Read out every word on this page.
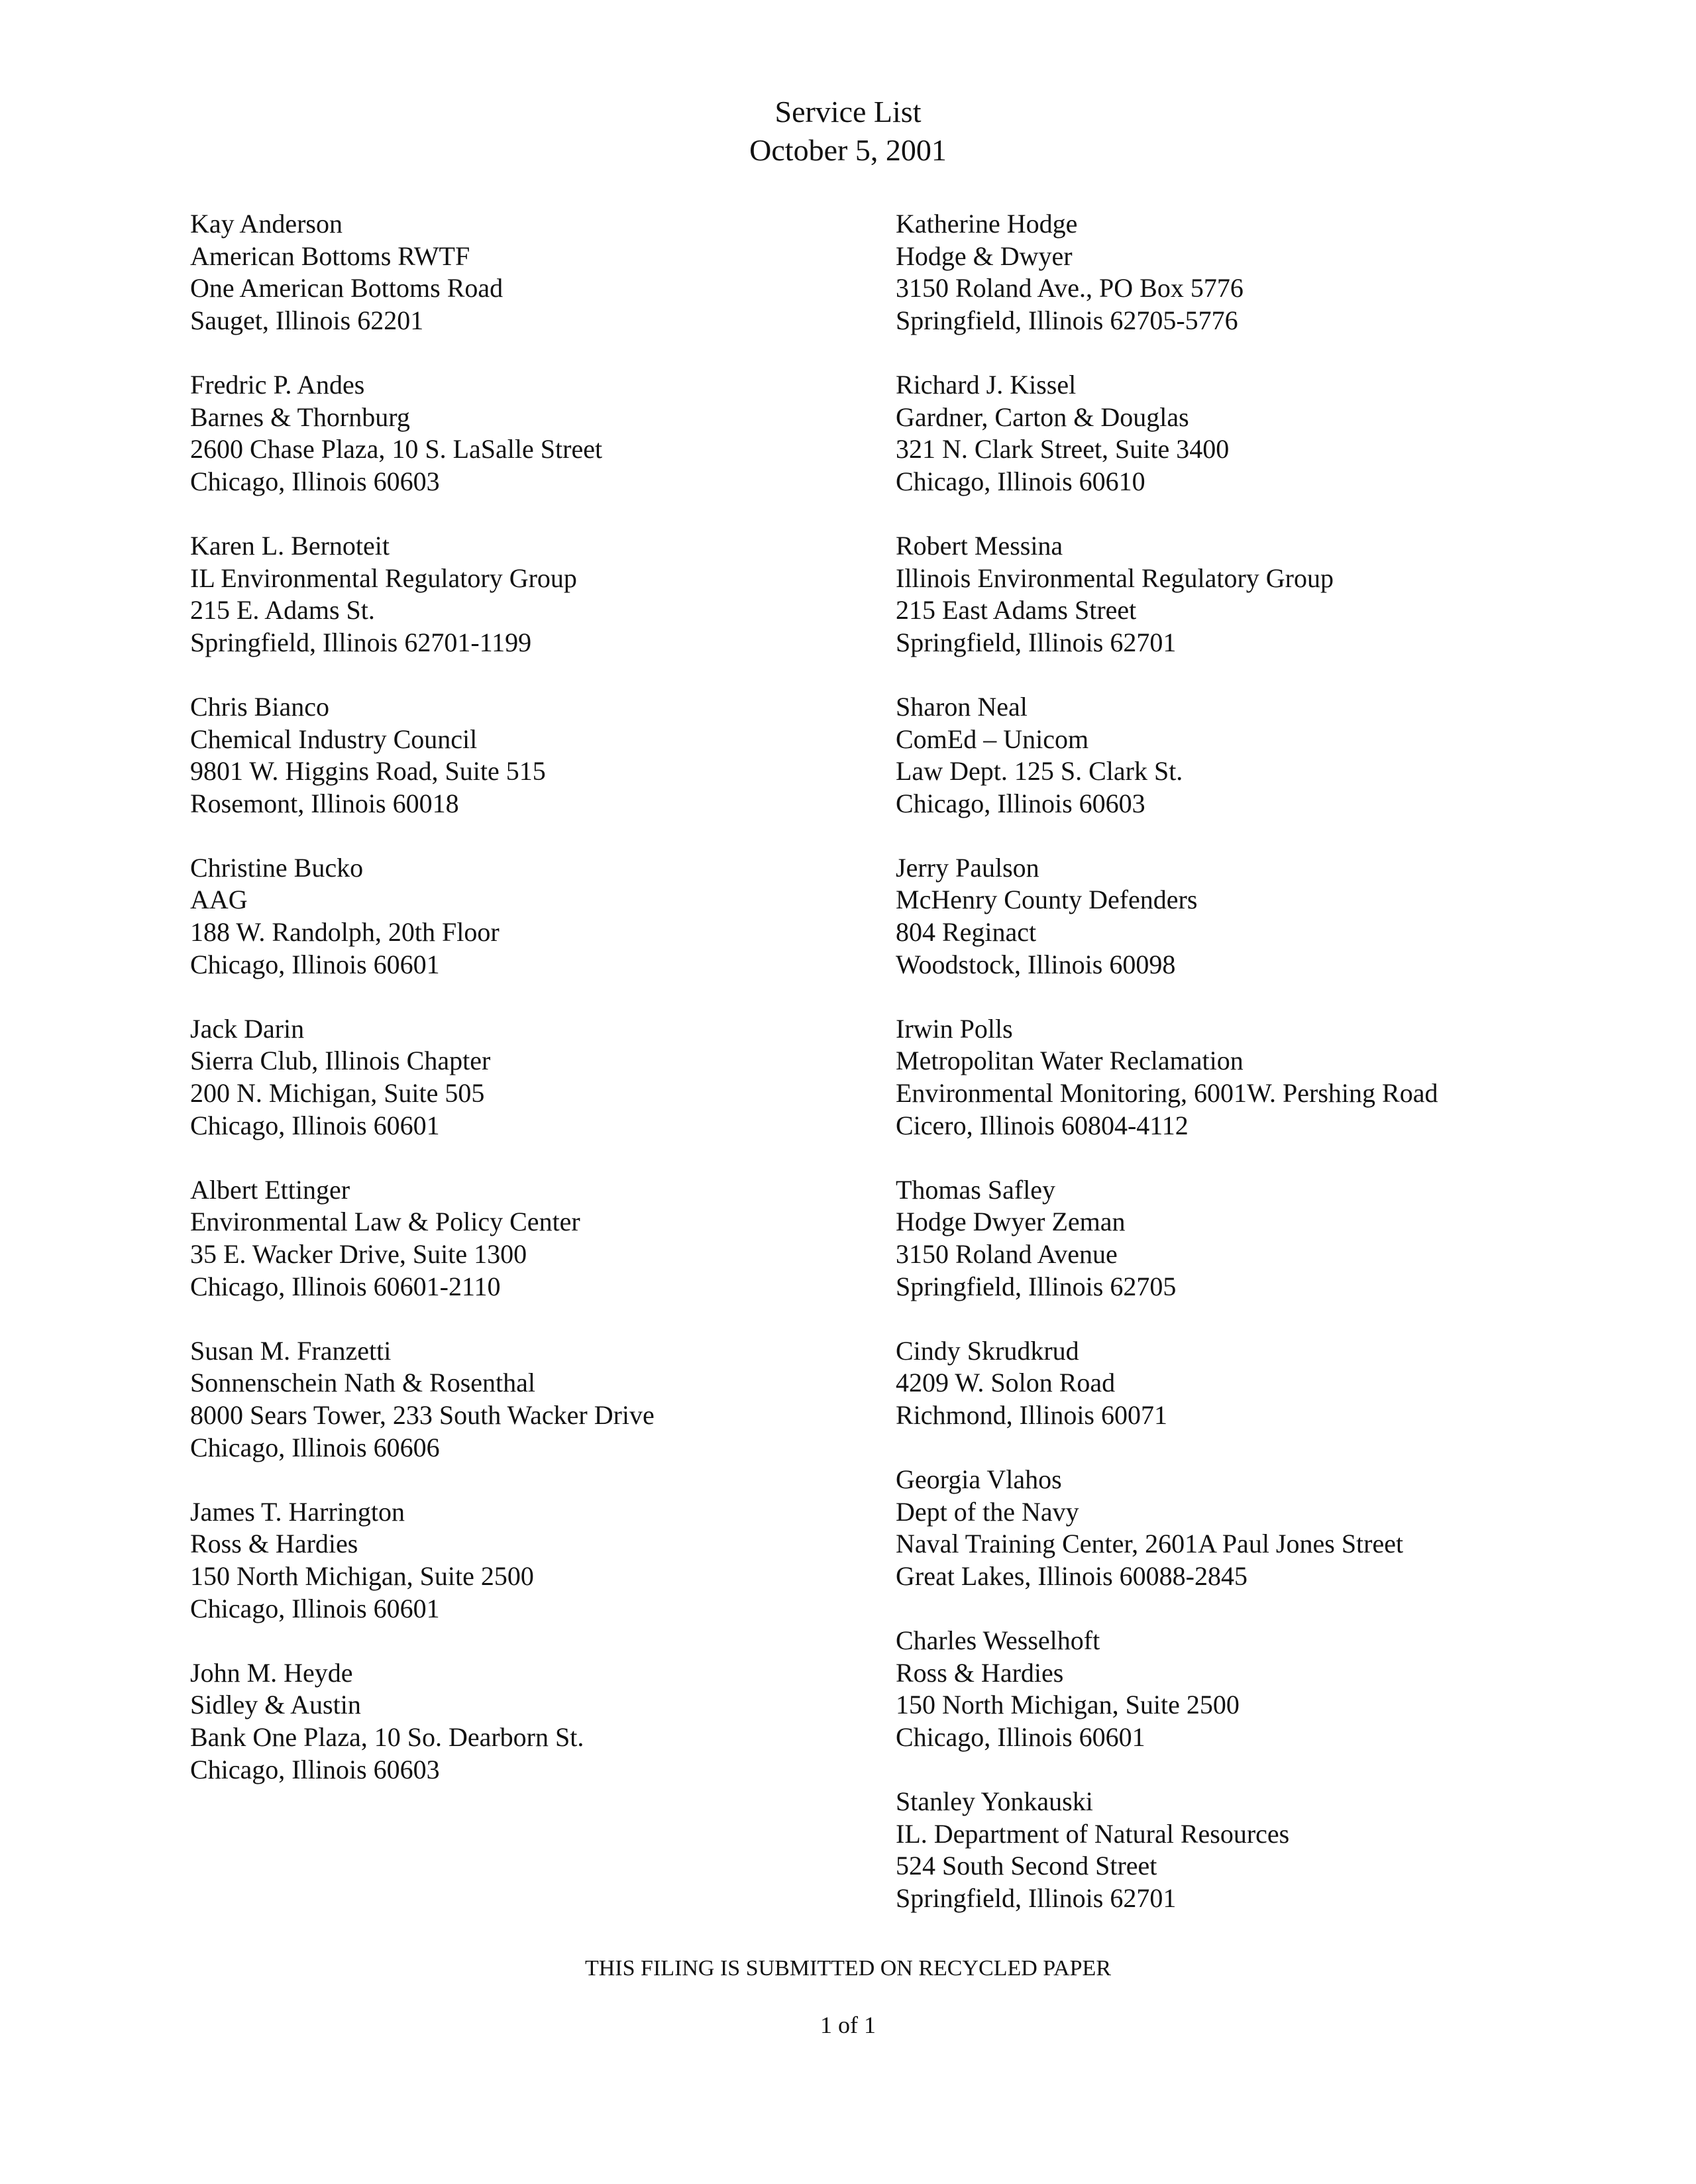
Service List
October 5, 2001
Kay Anderson
American Bottoms RWTF
One American Bottoms Road
Sauget, Illinois 62201
Fredric P. Andes
Barnes & Thornburg
2600 Chase Plaza, 10 S. LaSalle Street
Chicago, Illinois 60603
Karen L. Bernoteit
IL Environmental Regulatory Group
215 E. Adams St.
Springfield, Illinois 62701-1199
Chris Bianco
Chemical Industry Council
9801 W. Higgins Road, Suite 515
Rosemont, Illinois 60018
Christine Bucko
AAG
188 W. Randolph, 20th Floor
Chicago, Illinois 60601
Jack Darin
Sierra Club, Illinois Chapter
200 N. Michigan, Suite 505
Chicago, Illinois 60601
Albert Ettinger
Environmental Law & Policy Center
35 E. Wacker Drive, Suite 1300
Chicago, Illinois 60601-2110
Susan M. Franzetti
Sonnenschein Nath & Rosenthal
8000 Sears Tower, 233 South Wacker Drive
Chicago, Illinois 60606
James T. Harrington
Ross & Hardies
150 North Michigan, Suite 2500
Chicago, Illinois 60601
John M. Heyde
Sidley & Austin
Bank One Plaza, 10 So. Dearborn St.
Chicago, Illinois 60603
Katherine Hodge
Hodge & Dwyer
3150 Roland Ave., PO Box 5776
Springfield, Illinois 62705-5776
Richard J. Kissel
Gardner, Carton & Douglas
321 N. Clark Street, Suite 3400
Chicago, Illinois 60610
Robert Messina
Illinois Environmental Regulatory Group
215 East Adams Street
Springfield, Illinois 62701
Sharon Neal
ComEd – Unicom
Law Dept. 125 S. Clark St.
Chicago, Illinois 60603
Jerry Paulson
McHenry County Defenders
804 Reginact
Woodstock, Illinois 60098
Irwin Polls
Metropolitan Water Reclamation
Environmental Monitoring, 6001W. Pershing Road
Cicero, Illinois 60804-4112
Thomas Safley
Hodge Dwyer Zeman
3150 Roland Avenue
Springfield, Illinois 62705
Cindy Skrudkrud
4209 W. Solon Road
Richmond, Illinois 60071
Georgia Vlahos
Dept of the Navy
Naval Training Center, 2601A Paul Jones Street
Great Lakes, Illinois 60088-2845
Charles Wesselhoft
Ross & Hardies
150 North Michigan, Suite 2500
Chicago, Illinois 60601
Stanley Yonkauski
IL. Department of Natural Resources
524 South Second Street
Springfield, Illinois 62701
THIS FILING IS SUBMITTED ON RECYCLED PAPER
1 of 1
